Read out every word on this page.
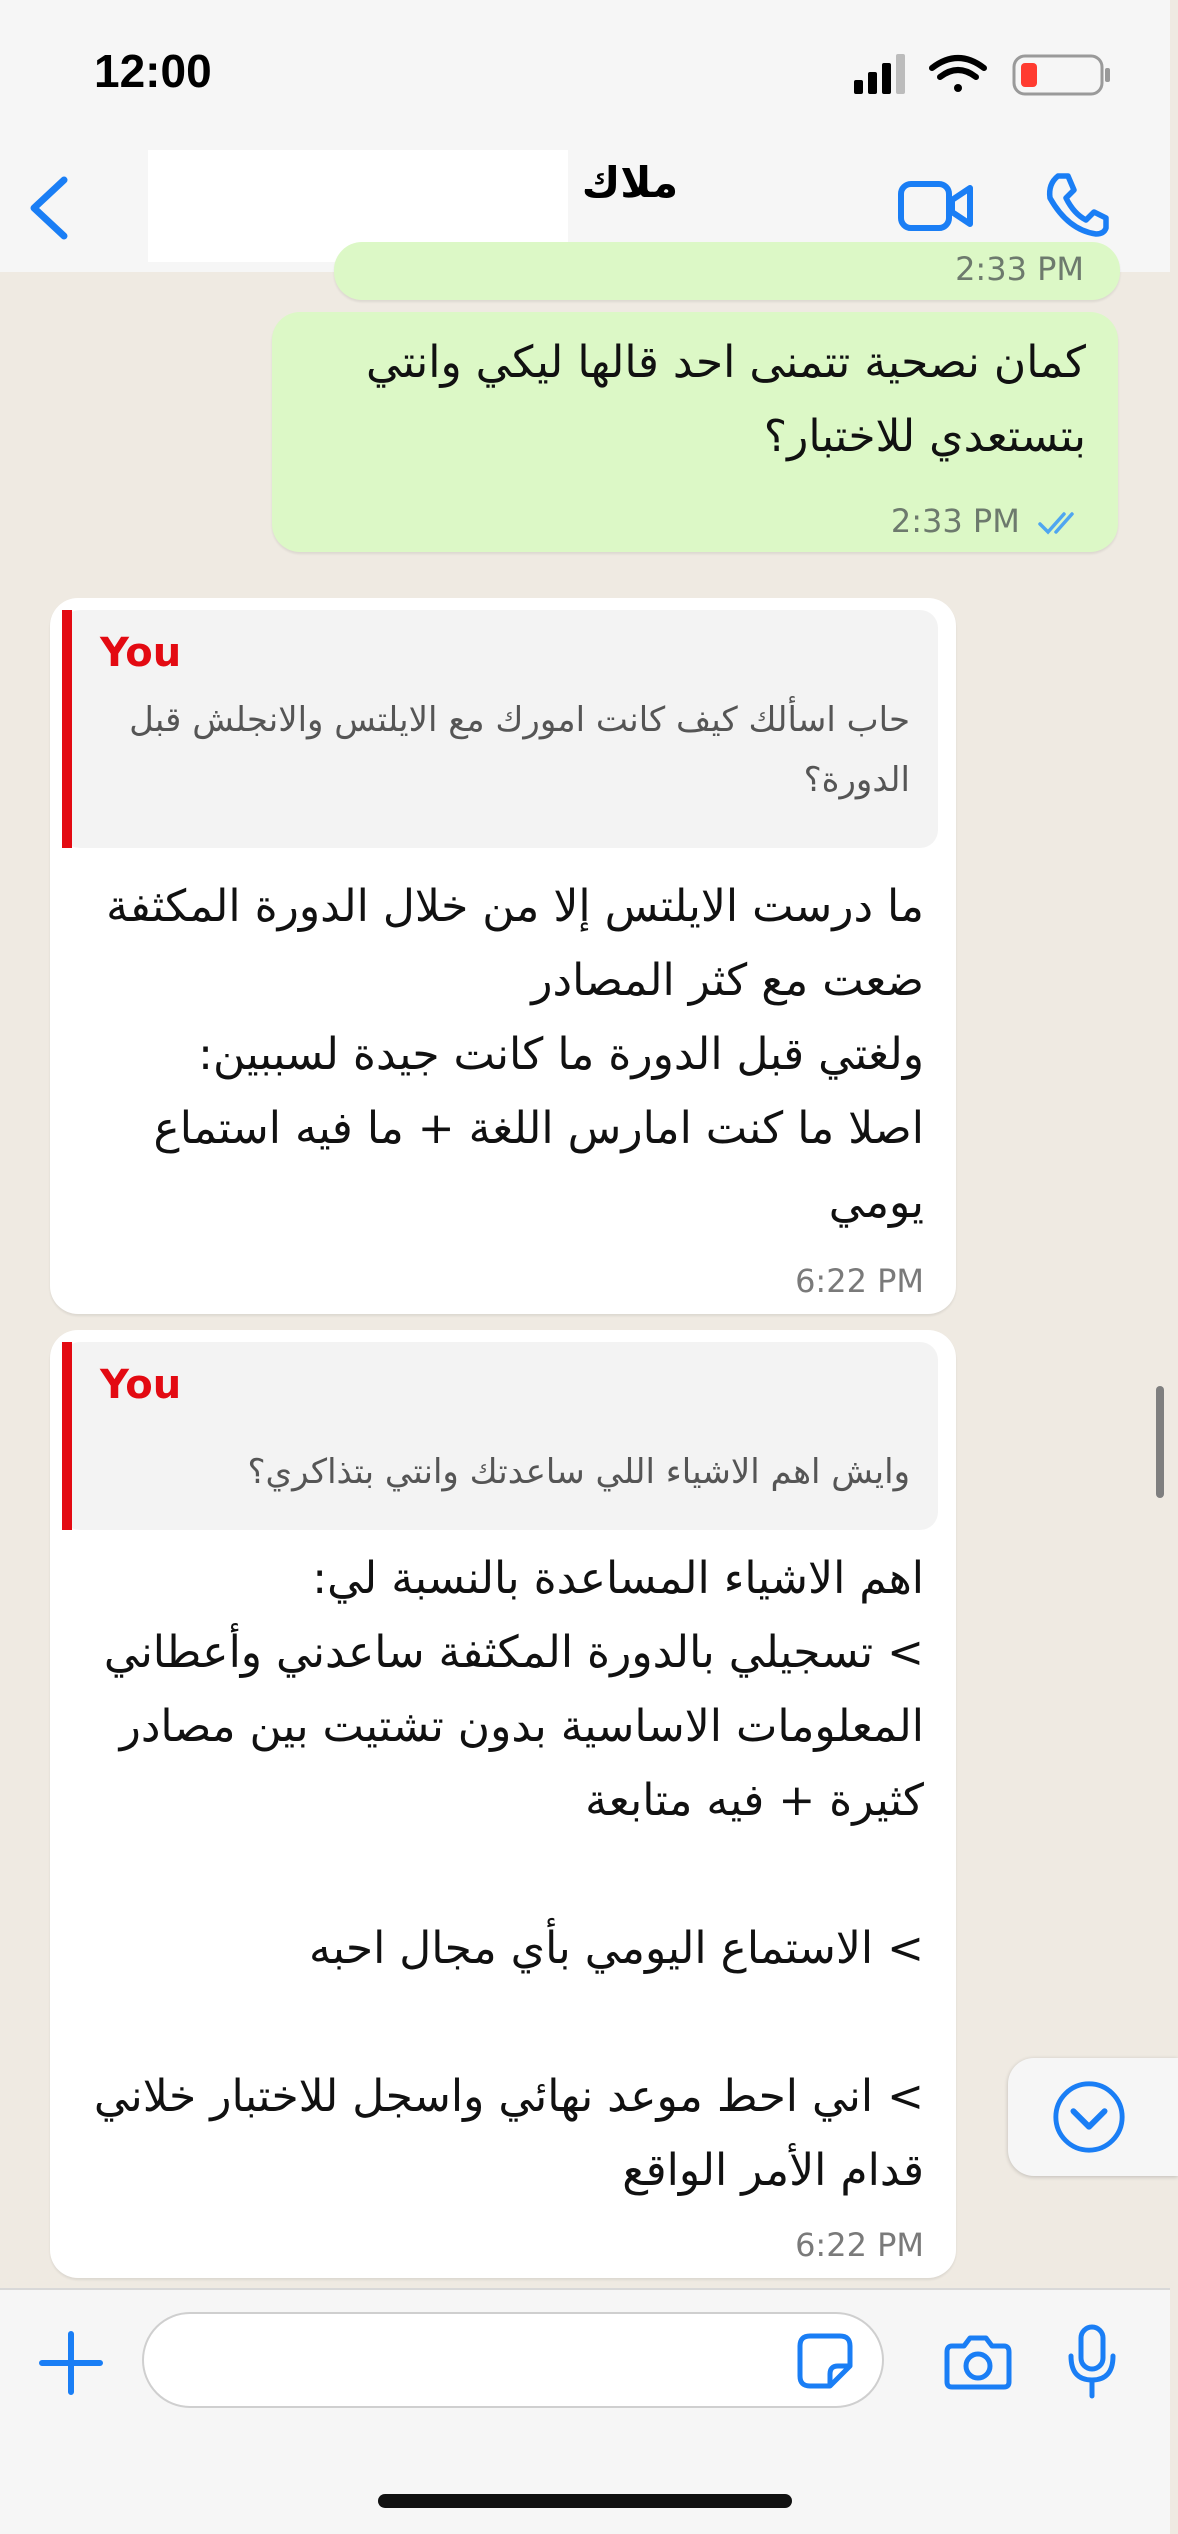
12:00
ملاك
2:33 PM
كمان نصحية تتمنى احد قالها ليكي وانتي بتستعدي للاختبار؟
2:33 PM
You
حاب اسألك كيف كانت امورك مع الايلتس والانجلش قبل الدورة؟
ما درست الايلتس إلا من خلال الدورة المكثفة ضعت مع كثر المصادر
ولغتي قبل الدورة ما كانت جيدة لسببين:
اصلا ما كنت امارس اللغة + ما فيه استماع يومي
6:22 PM
You
وايش اهم الاشياء اللي ساعدتك وانتي بتذاكري؟
اهم الاشياء المساعدة بالنسبة لي:
> تسجيلي بالدورة المكثفة ساعدني وأعطاني المعلومات الاساسية بدون تشتيت بين مصادر كثيرة + فيه متابعة

> الاستماع اليومي بأي مجال احبه

> اني احط موعد نهائي واسجل للاختبار خلاني قدام الأمر الواقع
6:22 PM
